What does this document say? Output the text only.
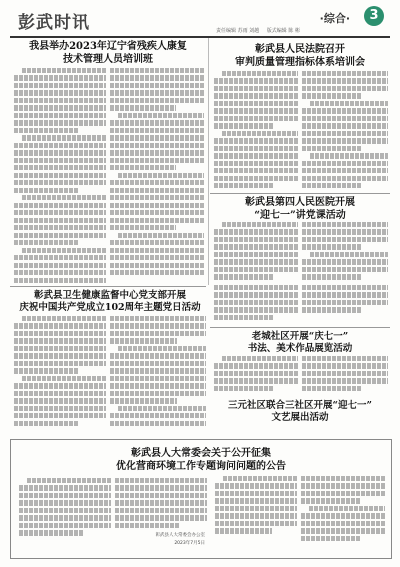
彭武时讯	·综合·	3
责任编辑 苏雨 刘越 版式编辑 陈 彬
我县举办2023年辽宁省残疾人康复
技术管理人员培训班
彰武县人民法院召开
审判质量管理指标体系培训会
彰武县第四人民医院开展
“迎七一”讲党课活动
彰武县卫生健康监督中心党支部开展
庆祝中国共产党成立102周年主题党日活动
老城社区开展“庆七一”
书法、美术作品展览活动
三元社区联合三社区开展“迎七一”
文艺展出活动
彰武县人大常委会关于公开征集
优化营商环境工作专题询问问题的公告
彰武县人大常委会办公室
2023年7月5日
